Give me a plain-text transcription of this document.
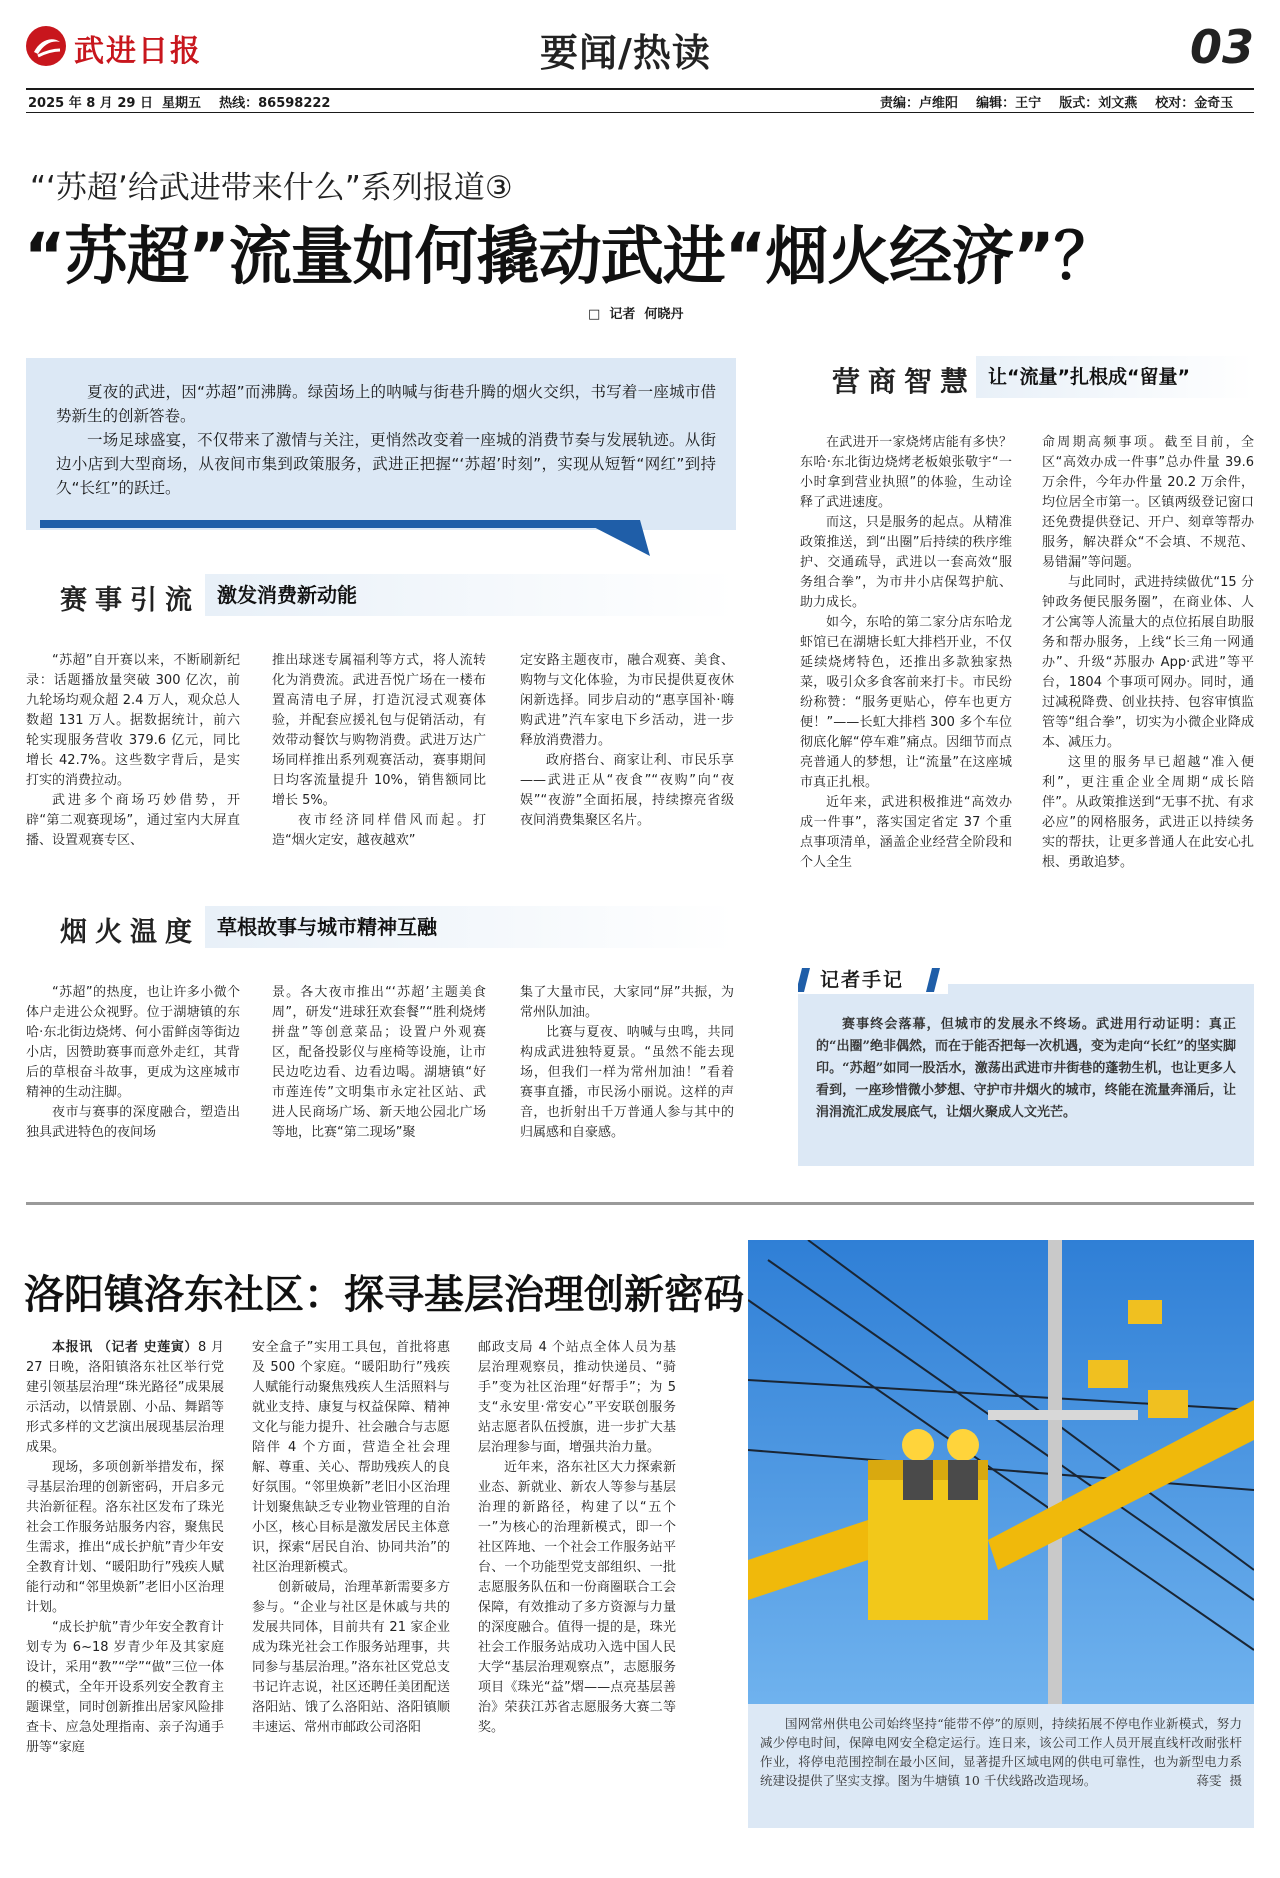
武进日报	要闻/热读	03
2025 年 8 月 29 日  星期五    热线：86598222	责编：卢维阳    编辑：王宁    版式：刘文燕    校对：金奇玉
“‘苏超’给武进带来什么”系列报道③
“苏超”流量如何撬动武进“烟火经济”？
□  记者  何晓丹
夏夜的武进，因“苏超”而沸腾。绿茵场上的呐喊与街巷升腾的烟火交织，书写着一座城市借势新生的创新答卷。
一场足球盛宴，不仅带来了激情与关注，更悄然改变着一座城的消费节奏与发展轨迹。从街边小店到大型商场，从夜间市集到政策服务，武进正把握“‘苏超’时刻”，实现从短暂“网红”到持久“长红”的跃迁。
赛事引流 激发消费新动能

“苏超”自开赛以来，不断刷新纪录：话题播放量突破 300 亿次，前九轮场均观众超 2.4 万人，观众总人数超 131 万人。据数据统计，前六轮实现服务营收 379.6 亿元，同比增长 42.7%。这些数字背后，是实打实的消费拉动。

武进多个商场巧妙借势，开辟“第二观赛现场”，通过室内大屏直播、设置观赛专区、

推出球迷专属福利等方式，将人流转化为消费流。武进吾悦广场在一楼布置高清电子屏，打造沉浸式观赛体验，并配套应援礼包与促销活动，有效带动餐饮与购物消费。武进万达广场同样推出系列观赛活动，赛事期间日均客流量提升 10%，销售额同比增长 5%。

夜市经济同样借风而起。打造“烟火定安，越夜越欢”

定安路主题夜市，融合观赛、美食、购物与文化体验，为市民提供夏夜休闲新选择。同步启动的“惠享国补·嗨购武进”汽车家电下乡活动，进一步释放消费潜力。

政府搭台、商家让利、市民乐享——武进正从“夜食”“夜购”向“夜娱”“夜游”全面拓展，持续擦亮省级夜间消费集聚区名片。

烟火温度 草根故事与城市精神互融

“苏超”的热度，也让许多小微个体户走进公众视野。位于湖塘镇的东哈·东北街边烧烤、何小雷鲜卤等街边小店，因赞助赛事而意外走红，其背后的草根奋斗故事，更成为这座城市精神的生动注脚。

夜市与赛事的深度融合，塑造出独具武进特色的夜间场

景。各大夜市推出“‘苏超’主题美食周”，研发“进球狂欢套餐”“胜利烧烤拼盘”等创意菜品；设置户外观赛区，配备投影仪与座椅等设施，让市民边吃边看、边看边喝。湖塘镇“好市莲连传”文明集市永定社区站、武进人民商场广场、新天地公园北广场等地，比赛“第二现场”聚

集了大量市民，大家同“屏”共振，为常州队加油。

比赛与夏夜、呐喊与虫鸣，共同构成武进独特夏景。“虽然不能去现场，但我们一样为常州加油！”看着赛事直播，市民汤小丽说。这样的声音，也折射出千万普通人参与其中的归属感和自豪感。

营商智慧 让“流量”扎根成“留量”

在武进开一家烧烤店能有多快？东哈·东北街边烧烤老板娘张敬宇“一小时拿到营业执照”的体验，生动诠释了武进速度。

而这，只是服务的起点。从精准政策推送，到“出圈”后持续的秩序维护、交通疏导，武进以一套高效“服务组合拳”，为市井小店保驾护航、助力成长。

如今，东哈的第二家分店东哈龙虾馆已在湖塘长虹大排档开业，不仅延续烧烤特色，还推出多款独家热菜，吸引众多食客前来打卡。市民纷纷称赞：“服务更贴心，停车也更方便！”——长虹大排档 300 多个车位彻底化解“停车难”痛点。因细节而点亮普通人的梦想，让“流量”在这座城市真正扎根。

近年来，武进积极推进“高效办成一件事”，落实国定省定 37 个重点事项清单，涵盖企业经营全阶段和个人全生

命周期高频事项。截至目前，全区“高效办成一件事”总办件量 39.6 万余件，今年办件量 20.2 万余件，均位居全市第一。区镇两级登记窗口还免费提供登记、开户、刻章等帮办服务，解决群众“不会填、不规范、易错漏”等问题。

与此同时，武进持续做优“15 分钟政务便民服务圈”，在商业体、人才公寓等人流量大的点位拓展自助服务和帮办服务，上线“长三角一网通办”、升级“苏服办 App·武进”等平台，1804 个事项可网办。同时，通过减税降费、创业扶持、包容审慎监管等“组合拳”，切实为小微企业降成本、减压力。

这里的服务早已超越“准入便利”，更注重企业全周期“成长陪伴”。从政策推送到“无事不扰、有求必应”的网格服务，武进正以持续务实的帮扶，让更多普通人在此安心扎根、勇敢追梦。

记者手记
赛事终会落幕，但城市的发展永不终场。武进用行动证明：真正的“出圈”绝非偶然，而在于能否把每一次机遇，变为走向“长红”的坚实脚印。“苏超”如同一股活水，激荡出武进市井街巷的蓬勃生机，也让更多人看到，一座珍惜微小梦想、守护市井烟火的城市，终能在流量奔涌后，让涓涓流汇成发展底气，让烟火聚成人文光芒。
洛阳镇洛东社区：探寻基层治理创新密码

本报讯 （记者 史莲寅）8 月 27 日晚，洛阳镇洛东社区举行党建引领基层治理“珠光路径”成果展示活动，以情景剧、小品、舞蹈等形式多样的文艺演出展现基层治理成果。

现场，多项创新举措发布，探寻基层治理的创新密码，开启多元共治新征程。洛东社区发布了珠光社会工作服务站服务内容，聚焦民生需求，推出“成长护航”青少年安全教育计划、“暖阳助行”残疾人赋能行动和“邻里焕新”老旧小区治理计划。

“成长护航”青少年安全教育计划专为 6~18 岁青少年及其家庭设计，采用“教”“学”“做”三位一体的模式，全年开设系列安全教育主题课堂，同时创新推出居家风险排查卡、应急处理指南、亲子沟通手册等“家庭

安全盒子”实用工具包，首批将惠及 500 个家庭。“暖阳助行”残疾人赋能行动聚焦残疾人生活照料与就业支持、康复与权益保障、精神文化与能力提升、社会融合与志愿陪伴 4 个方面，营造全社会理解、尊重、关心、帮助残疾人的良好氛围。“邻里焕新”老旧小区治理计划聚焦缺乏专业物业管理的自治小区，核心目标是激发居民主体意识，探索“居民自治、协同共治”的社区治理新模式。

创新破局，治理革新需要多方参与。“企业与社区是休戚与共的发展共同体，目前共有 21 家企业成为珠光社会工作服务站理事，共同参与基层治理。”洛东社区党总支书记许志说，社区还聘任美团配送洛阳站、饿了么洛阳站、洛阳镇顺丰速运、常州市邮政公司洛阳

邮政支局 4 个站点全体人员为基层治理观察员，推动快递员、“骑手”变为社区治理“好帮手”；为 5 支“永安里·常安心”平安联创服务站志愿者队伍授旗，进一步扩大基层治理参与面，增强共治力量。

近年来，洛东社区大力探索新业态、新就业、新农人等参与基层治理的新路径，构建了以“五个一”为核心的治理新模式，即一个社区阵地、一个社会工作服务站平台、一个功能型党支部组织、一批志愿服务队伍和一份商圈联合工会保障，有效推动了多方资源与力量的深度融合。值得一提的是，珠光社会工作服务站成功入选中国人民大学“基层治理观察点”，志愿服务项目《珠光“益”熠——点亮基层善治》荣获江苏省志愿服务大赛二等奖。	国网常州供电公司始终坚持“能带不停”的原则，持续拓展不停电作业新模式，努力减少停电时间，保障电网安全稳定运行。连日来，该公司工作人员开展直线杆改耐张杆作业，将停电范围控制在最小区间，显著提升区域电网的供电可靠性，也为新型电力系统建设提供了坚实支撑。图为牛塘镇 10 千伏线路改造现场。	蒋雯  摄
